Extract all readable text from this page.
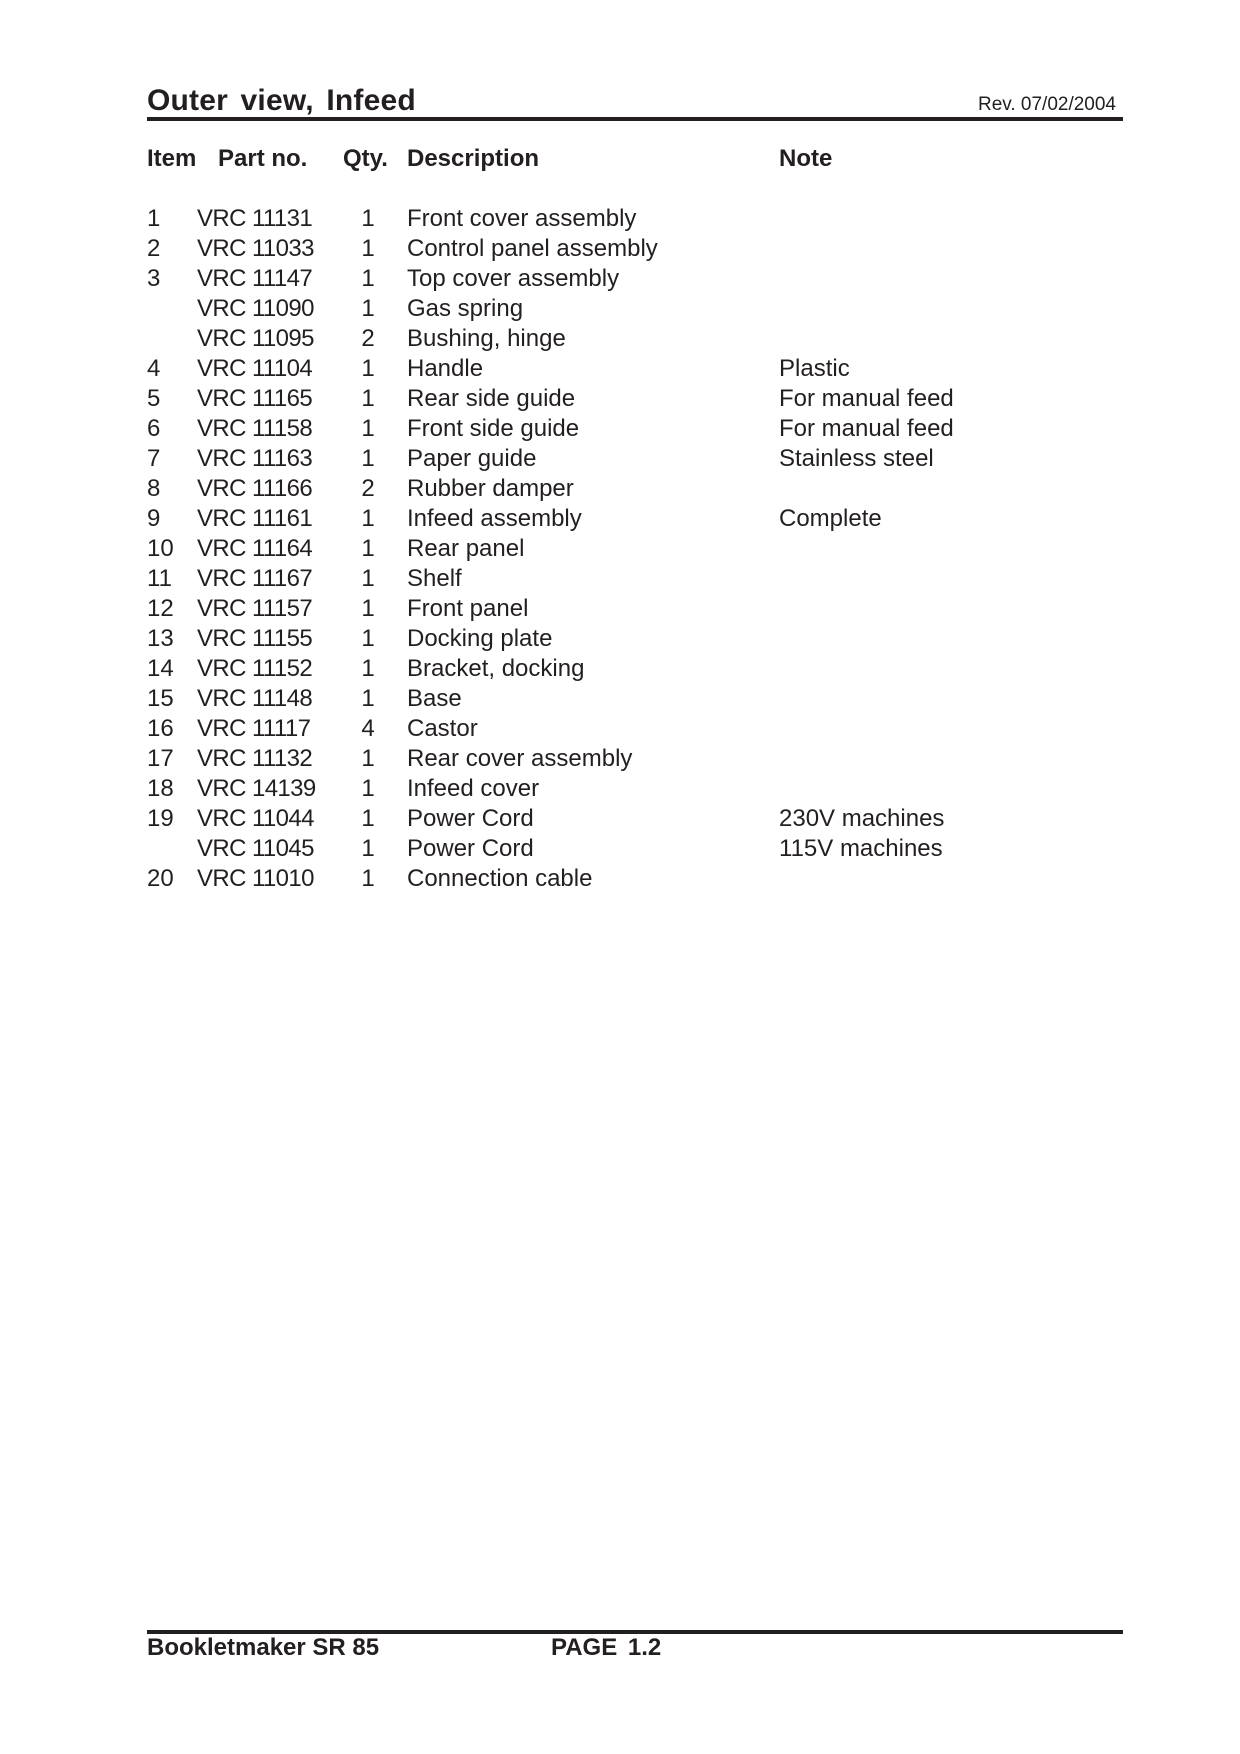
Outer view, Infeed	Rev. 07/02/2004
Item Part no. Qty. Description	Note
1 VRC 11131 1 Front cover assembly
2 VRC 11033 1 Control panel assembly
3 VRC 11147 1 Top cover assembly
VRC 11090 1 Gas spring
VRC 11095 2 Bushing, hinge
4 VRC 11104 1 Handle	Plastic
5 VRC 11165 1 Rear side guide	For manual feed
6 VRC 11158 1 Front side guide	For manual feed
7 VRC 11163 1 Paper guide	Stainless steel
8 VRC 11166 2 Rubber damper
9 VRC 11161 1 Infeed assembly	Complete
10 VRC 11164 1 Rear panel
11 VRC 11167 1 Shelf
12 VRC 11157 1 Front panel
13 VRC 11155 1 Docking plate
14 VRC 11152 1 Bracket, docking
15 VRC 11148 1 Base
16 VRC 11117 4 Castor
17 VRC 11132 1 Rear cover assembly
18 VRC 14139 1 Infeed cover
19 VRC 11044 1 Power Cord	230V machines
VRC 11045 1 Power Cord	115V machines
20 VRC 11010 1 Connection cable
Bookletmaker SR 85	PAGE 1.2
